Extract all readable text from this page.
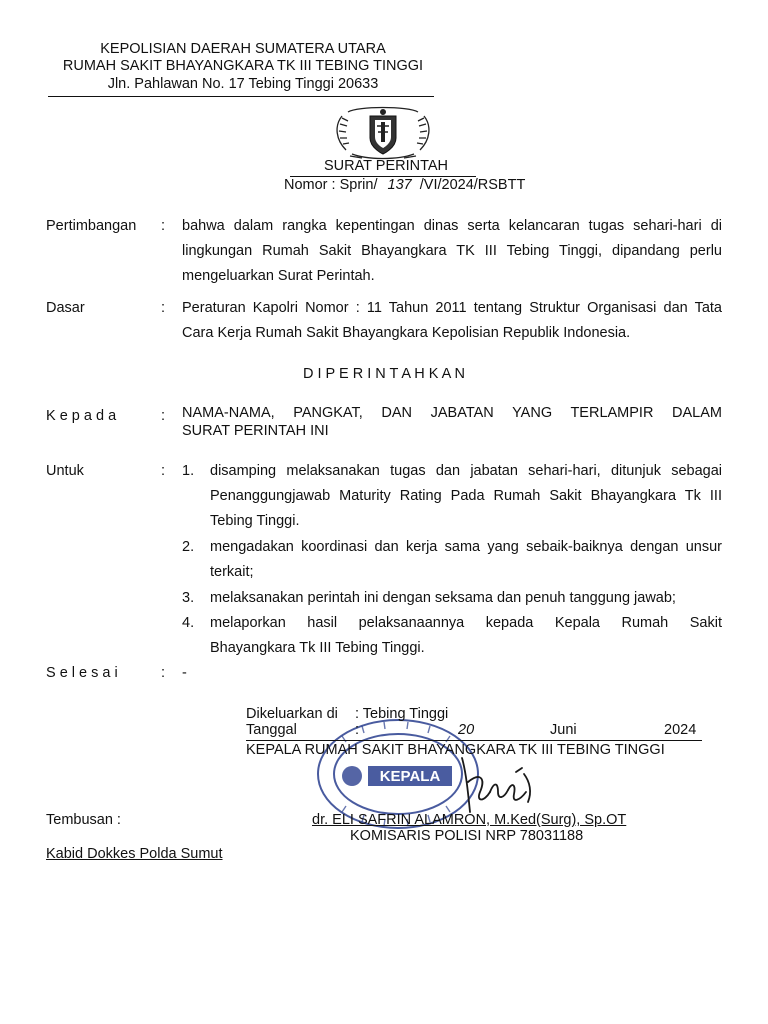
KEPOLISIAN DAERAH SUMATERA UTARA
RUMAH SAKIT BHAYANGKARA TK III TEBING TINGGI
Jln. Pahlawan No. 17 Tebing Tinggi 20633
SURAT PERINTAH
Nomor : Sprin/ 137 /VI/2024/RSBTT
Pertimbangan : bahwa dalam rangka kepentingan dinas serta kelancaran tugas sehari-hari di
lingkungan Rumah Sakit Bhayangkara TK III Tebing Tinggi, dipandang perlu
mengeluarkan Surat Perintah.
Dasar	: Peraturan Kapolri Nomor : 11 Tahun 2011 tentang Struktur Organisasi dan Tata
Cara Kerja Rumah Sakit Bhayangkara Kepolisian Republik Indonesia.
D I P E R I N T A H K A N
K e p a d a	: NAMA-NAMA, PANGKAT, DAN JABATAN YANG TERLAMPIR DALAM
SURAT PERINTAH INI
Untuk	: 1. disamping melaksanakan tugas dan jabatan sehari-hari, ditunjuk sebagai
Penanggungjawab Maturity Rating Pada Rumah Sakit Bhayangkara Tk III
Tebing Tinggi.
2. mengadakan koordinasi dan kerja sama yang sebaik-baiknya dengan unsur
terkait;
3. melaksanakan perintah ini dengan seksama dan penuh tanggung jawab;
4. melaporkan hasil pelaksanaannya kepada Kepala Rumah Sakit
Bhayangkara Tk III Tebing Tinggi.
S e l e s a i	: -
KEPALA
Dikeluarkan di : Tebing Tinggi
Tanggal	:	20	Juni	2024
KEPALA RUMAH SAKIT BHAYANGKARA TK III TEBING TINGGI
dr. ELI SAFRIN ALAMRON, M.Ked(Surg), Sp.OT
KOMISARIS POLISI NRP 78031188
Tembusan :
Kabid Dokkes Polda Sumut
